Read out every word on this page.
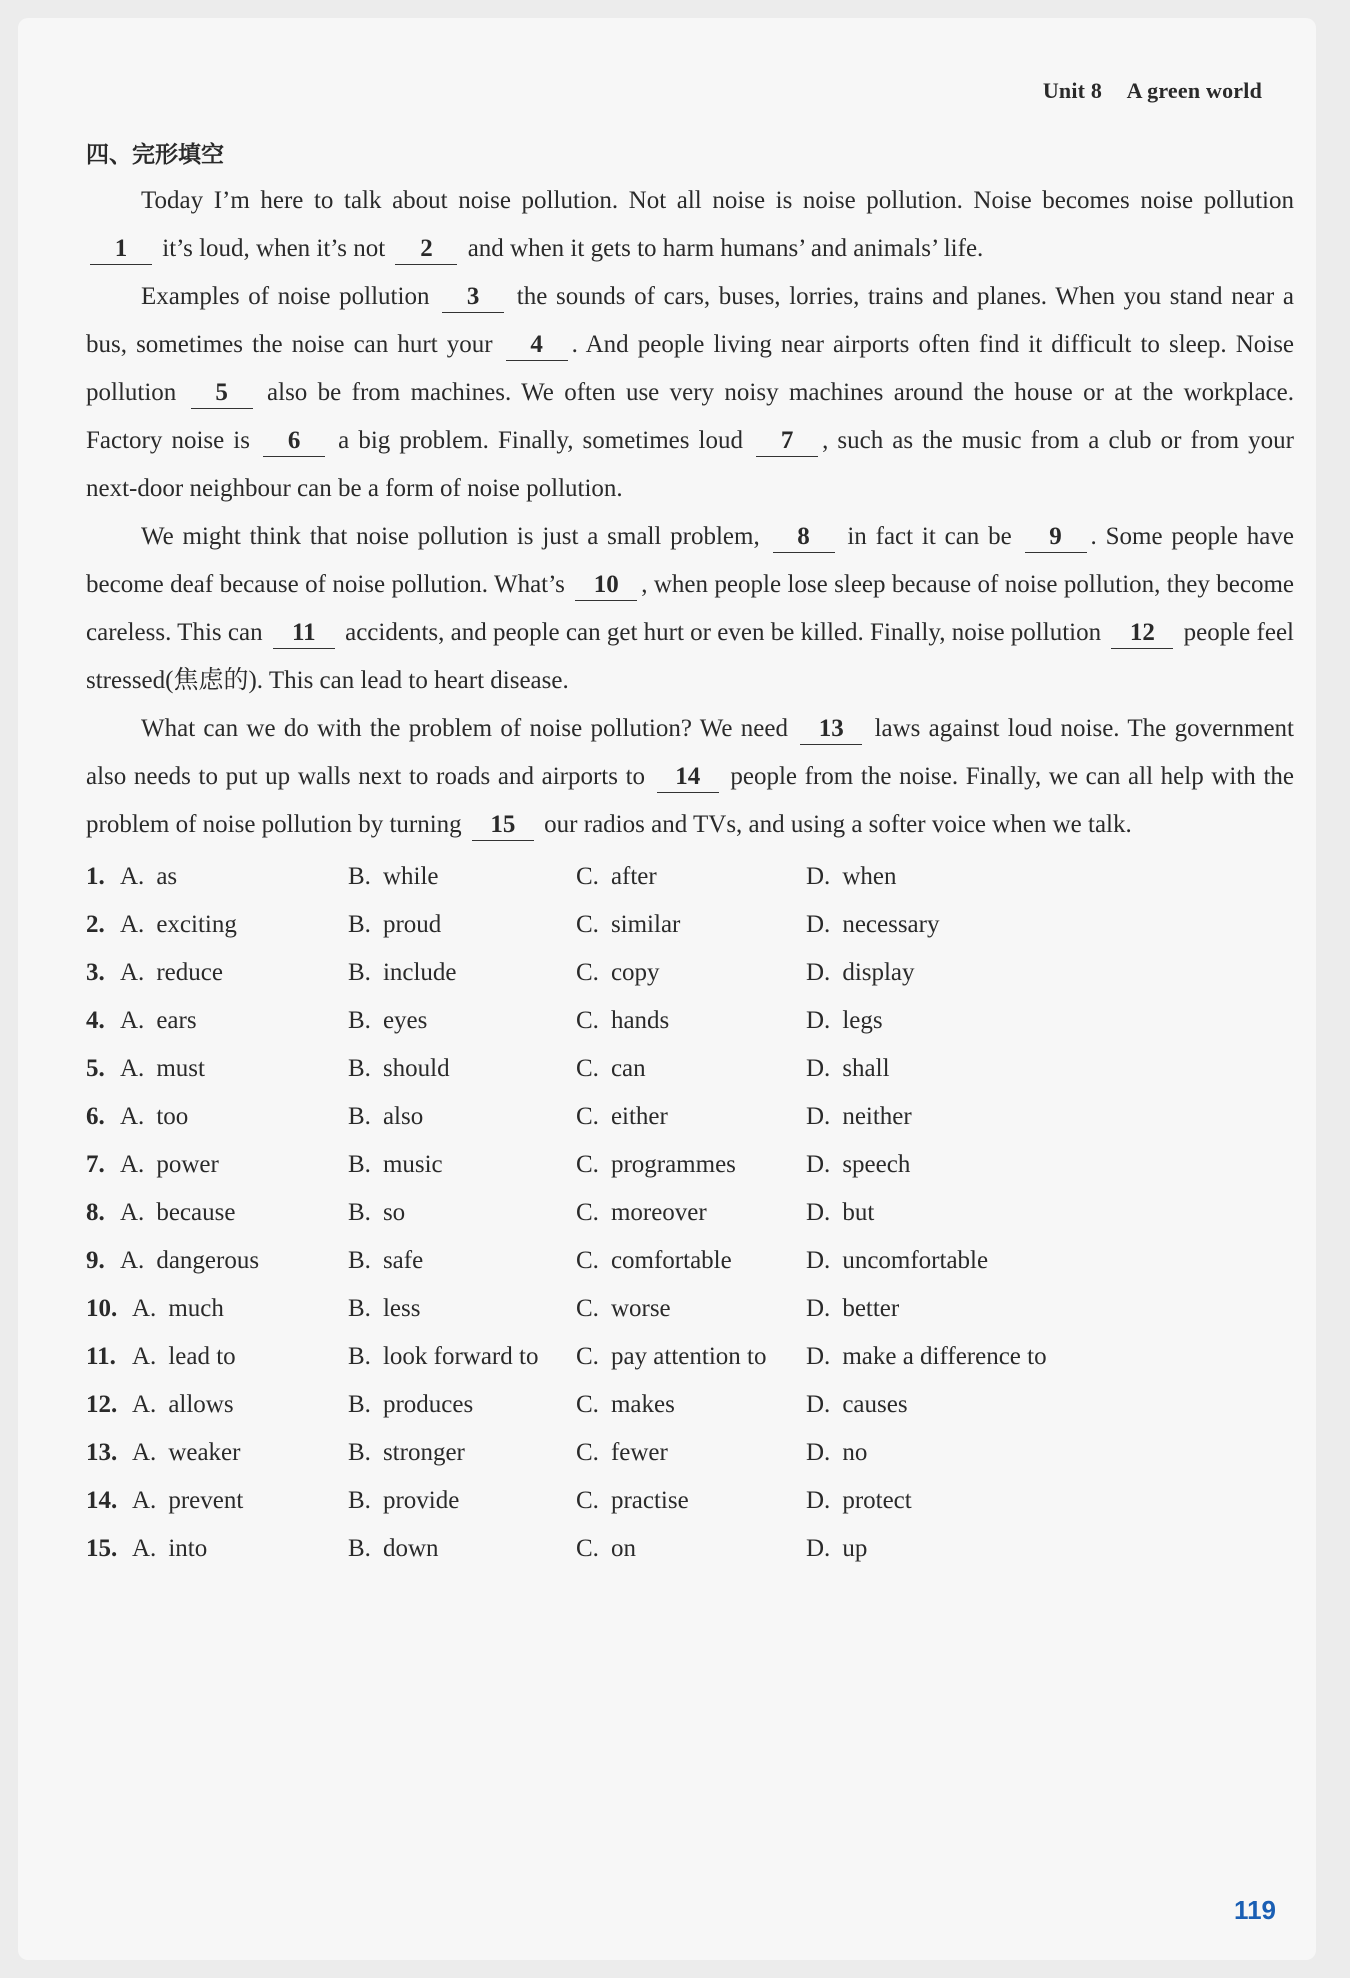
Unit 8 A green world
四、完形填空

Today I’m here to talk about noise pollution. Not all noise is noise pollution. Noise becomes noise pollution 1 it’s loud, when it’s not 2 and when it gets to harm humans’ and animals’ life.

Examples of noise pollution 3 the sounds of cars, buses, lorries, trains and planes. When you stand near a bus, sometimes the noise can hurt your 4 . And people living near airports often find it difficult to sleep. Noise pollution 5 also be from machines. We often use very noisy machines around the house or at the workplace. Factory noise is 6 a big problem. Finally, sometimes loud 7 , such as the music from a club or from your next-door neighbour can be a form of noise pollution.

We might think that noise pollution is just a small problem, 8 in fact it can be 9 . Some people have become deaf because of noise pollution. What’s 10 , when people lose sleep because of noise pollution, they become careless. This can 11 accidents, and people can get hurt or even be killed. Finally, noise pollution 12 people feel stressed(焦虑的). This can lead to heart disease.

What can we do with the problem of noise pollution? We need 13 laws against loud noise. The government also needs to put up walls next to roads and airports to 14 people from the noise. Finally, we can all help with the problem of noise pollution by turning 15 our radios and TVs, and using a softer voice when we talk.

1. A. as	B. while	C. after	D. when
2. A. exciting	B. proud	C. similar	D. necessary
3. A. reduce	B. include	C. copy	D. display
4. A. ears	B. eyes	C. hands	D. legs
5. A. must	B. should	C. can	D. shall
6. A. too	B. also	C. either	D. neither
7. A. power	B. music	C. programmes	D. speech
8. A. because	B. so	C. moreover	D. but
9. A. dangerous	B. safe	C. comfortable	D. uncomfortable
10. A. much	B. less	C. worse	D. better
11. A. lead to	B. look forward to C. pay attention to D. make a difference to
12. A. allows	B. produces	C. makes	D. causes
13. A. weaker	B. stronger	C. fewer	D. no
14. A. prevent	B. provide	C. practise	D. protect
15. A. into	B. down	C. on	D. up
119
